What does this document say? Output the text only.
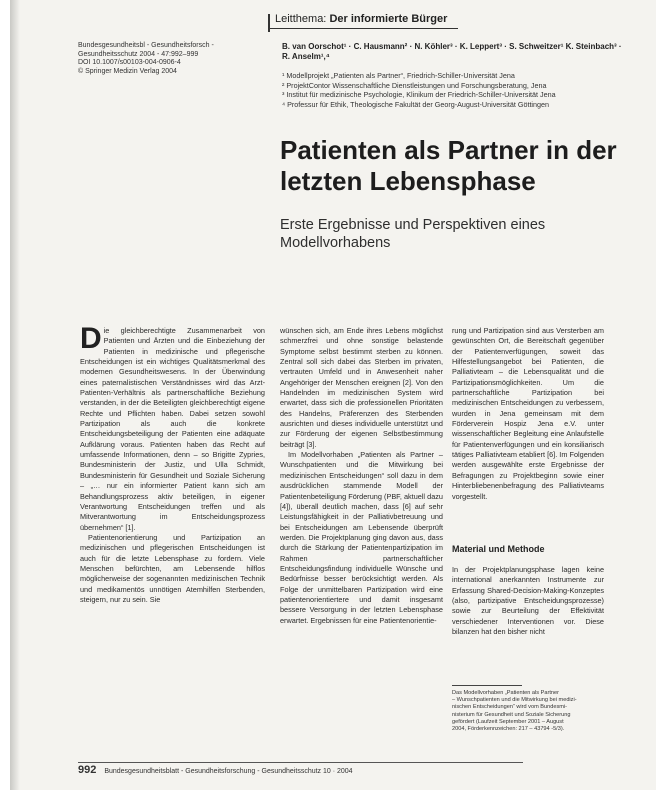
Leitthema: Der informierte Bürger
Bundesgesundheitsbl - Gesundheitsforsch -
Gesundheitsschutz 2004 - 47:992–999
DOI 10.1007/s00103-004-0906-4
© Springer Medizin Verlag 2004
B. van Oorschot¹ · C. Hausmann² · N. Köhler³ · K. Leppert³ · S. Schweitzer¹ K. Steinbach³ · R. Anselm¹,⁴
¹ Modellprojekt „Patienten als Partner“, Friedrich-Schiller-Universität Jena
² ProjektContor Wissenschaftliche Dienstleistungen und Forschungsberatung, Jena
³ Institut für medizinische Psychologie, Klinikum der Friedrich-Schiller-Universität Jena
⁴ Professur für Ethik, Theologische Fakultät der Georg-August-Universität Göttingen
Patienten als Partner in der letzten Lebensphase
Erste Ergebnisse und Perspektiven eines Modellvorhabens

Die gleichberechtigte Zusammenarbeit von Patienten und Ärzten und die Einbeziehung der Patienten in medizinische und pflegerische Entscheidungen ist ein wichtiges Qualitätsmerkmal des modernen Gesundheitswesens. In der Überwindung eines paternalistischen Verständnisses wird das Arzt-Patienten-Verhältnis als partnerschaftliche Beziehung verstanden, in der die Beteiligten gleichberechtigt eigene Rechte und Pflichten haben. Dabei setzen sowohl Partizipation als auch die konkrete Entscheidungsbeteiligung der Patienten eine adäquate Aufklärung voraus. Patienten haben das Recht auf umfassende Informationen, denn – so Brigitte Zypries, Bundesministerin der Justiz, und Ulla Schmidt, Bundesministerin für Gesundheit und Soziale Sicherung – „… nur ein informierter Patient kann sich am Behandlungsprozess aktiv beteiligen, in eigener Verantwortung Entscheidungen treffen und als Mitverantwortung im Entscheidungsprozess übernehmen“ [1].

Patientenorientierung und Partizipation an medizinischen und pflegerischen Entscheidungen ist auch für die letzte Lebensphase zu fordern. Viele Menschen befürchten, am Lebensende hilflos möglicherweise der sogenannten medizinischen Technik und medikamentös unnötigen Atemhilfen Sterbenden, steigern, nur zu sein. Sie

wünschen sich, am Ende ihres Lebens möglichst schmerzfrei und ohne sonstige belastende Symptome selbst bestimmt sterben zu können. Zentral soll sich dabei das Sterben im privaten, vertrauten Umfeld und in Anwesenheit naher Angehöriger der Menschen ereignen [2]. Von den Handelnden im medizinischen System wird erwartet, dass sich die professionellen Prioritäten des Handelns, Präferenzen des Sterbenden ausrichten und dieses individuelle unterstützt und zur Förderung der eigenen Selbstbestimmung beiträgt [3].

Im Modellvorhaben „Patienten als Partner – Wunschpatienten und die Mitwirkung bei medizinischen Entscheidungen“ soll dazu in dem ausdrücklichen stammende Modell der Patientenbeteiligung Förderung (PBF, aktuell dazu [4]), überall deutlich machen, dass [6] auf sehr Leistungsfähigkeit in der Palliativbetreuung und bei Entscheidungen am Lebensende überprüft werden. Die Projektplanung ging davon aus, dass durch die Stärkung der Patientenpartizipation im Rahmen partnerschaftlicher Entscheidungsfindung individuelle Wünsche und Bedürfnisse besser berücksichtigt werden. Als Folge der unmittelbaren Partizipation wird eine patientenorientiertere und damit insgesamt bessere Versorgung in der letzten Lebensphase erwartet. Ergebnissen für eine Patientenorientie-

rung und Partizipation sind aus Versterben am gewünschten Ort, die Bereitschaft gegenüber der Patientenverfügungen, soweit das Hilfestellungsangebot bei Patienten, die Palliativteam – die Lebensqualität und die Partizipationsmöglichkeiten. Um die partnerschaftliche Partizipation bei medizinischen Entscheidungen zu verbessern, wurden in Jena gemeinsam mit dem Förderverein Hospiz Jena e.V. unter wissenschaftlicher Begleitung eine Anlaufstelle für Patientenverfügungen und ein konsiliarisch tätiges Palliativteam etabliert [6]. Im Folgenden werden ausgewählte erste Ergebnisse der Befragungen zu Projektbeginn sowie einer Hinterbliebenenbefragung des Palliativteams vorgestellt.

Material und Methode

In der Projektplanungsphase lagen keine international anerkannten Instrumente zur Erfassung Shared-Decision-Making-Konzeptes (also, partizipative Entscheidungsprozesse) sowie zur Beurteilung der Effektivität verschiedener Interventionen vor. Diese bilanzen hat den bisher nicht

Das Modellvorhaben „Patienten als Partner
– Wunschpatienten und die Mitwirkung bei medizi-
nischen Entscheidungen“ wird vom Bundesmi-
nisterium für Gesundheit und Soziale Sicherung
gefördert (Laufzeit September 2001 – August
2004, Förderkennzeichen: 217 – 43794 -5/3).
992 Bundesgesundheitsblatt - Gesundheitsforschung - Gesundheitsschutz 10 · 2004
